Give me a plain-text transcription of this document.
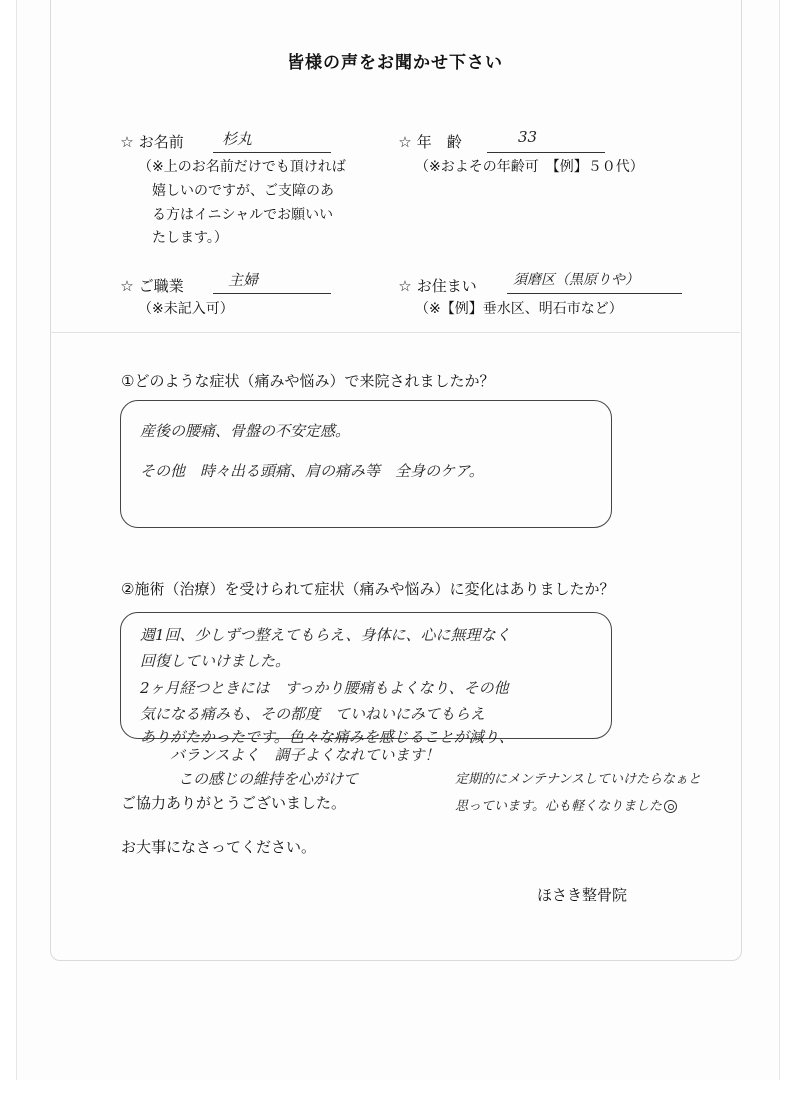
皆様の声をお聞かせ下さい
☆ お名前	杉丸
（※上のお名前だけでも頂ければ
嬉しいのですが、ご支障のあ
る方はイニシャルでお願いい
たします。）
☆ 年　齢	33
（※およその年齢可　【例】５０代）
☆ ご職業	主婦
（※未記入可）
☆ お住まい	須磨区（黒原りや）
（※【例】垂水区、明石市など）
①どのような症状（痛みや悩み）で来院されましたか？
産後の腰痛、骨盤の不安定感。
その他　時々出る頭痛、肩の痛み等　全身のケア。
②施術（治療）を受けられて症状（痛みや悩み）に変化はありましたか？
週1回、少しずつ整えてもらえ、身体に、心に無理なく
回復していけました。
2ヶ月経つときには　すっかり腰痛もよくなり、その他
気になる痛みも、その都度　ていねいにみてもらえ
ありがたかったです。色々な痛みを感じることが減り、
バランスよく　調子よくなれています！
この感じの維持を心がけて	定期的にメンテナンスしていけたらなぁと
思っています。心も軽くなりました
ご協力ありがとうございました。
お大事になさってください。
ほさき整骨院
